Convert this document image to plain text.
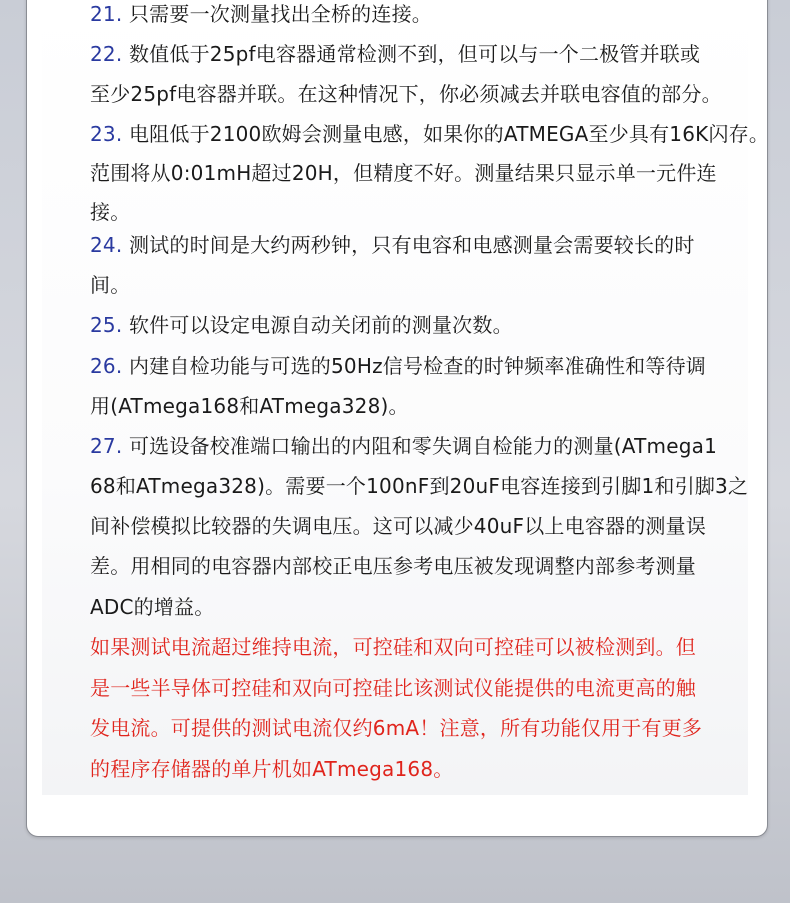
21. 只需要一次测量找出全桥的连接。
22. 数值低于25pf电容器通常检测不到，但可以与一个二极管并联或
至少25pf电容器并联。在这种情况下，你必须减去并联电容值的部分。
23. 电阻低于2100欧姆会测量电感，如果你的ATMEGA至少具有16K闪存。
范围将从0:01mH超过20H，但精度不好。测量结果只显示单一元件连
接。
24. 测试的时间是大约两秒钟，只有电容和电感测量会需要较长的时
间。
25. 软件可以设定电源自动关闭前的测量次数。
26. 内建自检功能与可选的50Hz信号检查的时钟频率准确性和等待调
用(ATmega168和ATmega328)。
27. 可选设备校准端口输出的内阻和零失调自检能力的测量(ATmega1
68和ATmega328)。需要一个100nF到20uF电容连接到引脚1和引脚3之
间补偿模拟比较器的失调电压。这可以减少40uF以上电容器的测量误
差。用相同的电容器内部校正电压参考电压被发现调整内部参考测量
ADC的增益。
如果测试电流超过维持电流，可控硅和双向可控硅可以被检测到。但
是一些半导体可控硅和双向可控硅比该测试仪能提供的电流更高的触
发电流。可提供的测试电流仅约6mA！注意，所有功能仅用于有更多
的程序存储器的单片机如ATmega168。
